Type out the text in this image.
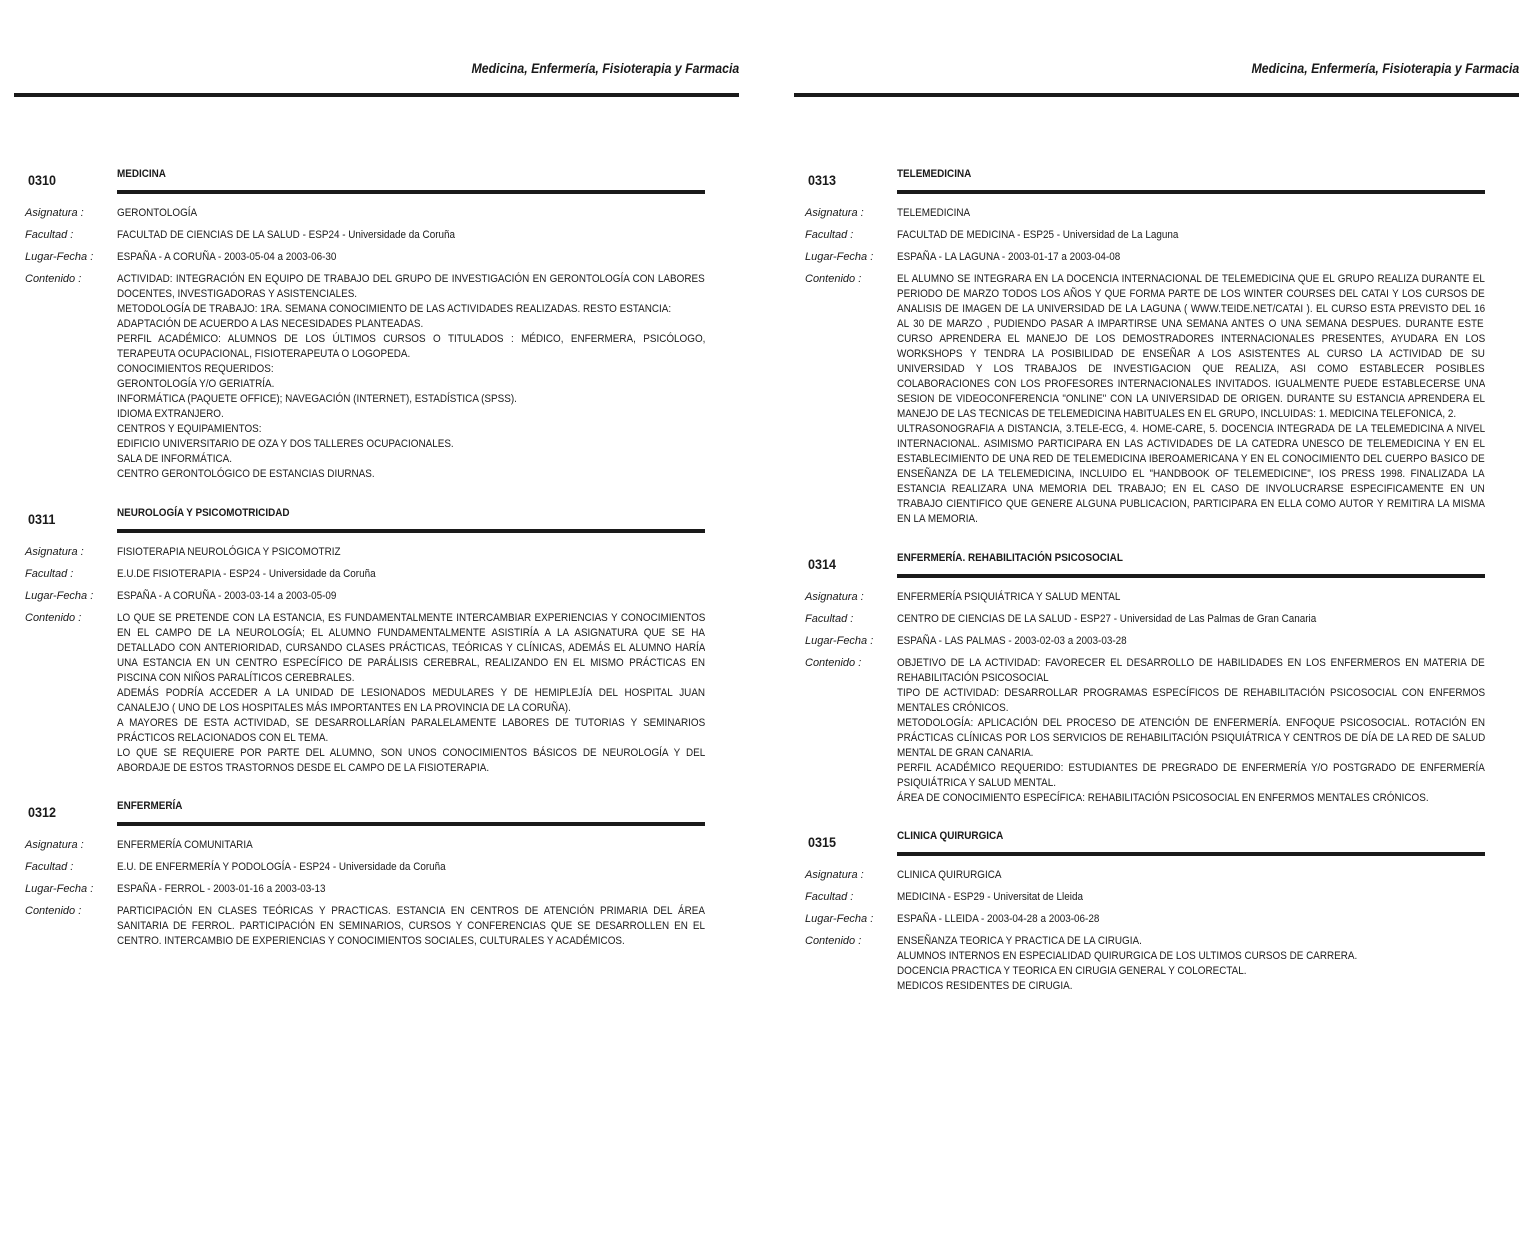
Medicina, Enfermería, Fisioterapia y Farmacia
0310	MEDICINA
Asignatura :	GERONTOLOGÍA
Facultad :	FACULTAD DE CIENCIAS DE LA SALUD - ESP24 - Universidade da Coruña
Lugar-Fecha :	ESPAÑA - A CORUÑA - 2003-05-04 a 2003-06-30
Contenido :	ACTIVIDAD: INTEGRACIÓN EN EQUIPO DE TRABAJO DEL GRUPO DE INVESTIGACIÓN EN GERONTOLOGÍA CON LABORES
DOCENTES, INVESTIGADORAS Y ASISTENCIALES.
METODOLOGÍA DE TRABAJO: 1RA. SEMANA CONOCIMIENTO DE LAS ACTIVIDADES REALIZADAS. RESTO ESTANCIA:
ADAPTACIÓN DE ACUERDO A LAS NECESIDADES PLANTEADAS.
PERFIL ACADÉMICO: ALUMNOS DE LOS ÚLTIMOS CURSOS O TITULADOS : MÉDICO, ENFERMERA, PSICÓLOGO,
TERAPEUTA OCUPACIONAL, FISIOTERAPEUTA O LOGOPEDA.
CONOCIMIENTOS REQUERIDOS:
GERONTOLOGÍA Y/O GERIATRÍA.
INFORMÁTICA (PAQUETE OFFICE); NAVEGACIÓN (INTERNET), ESTADÍSTICA (SPSS).
IDIOMA EXTRANJERO.
CENTROS Y EQUIPAMIENTOS:
EDIFICIO UNIVERSITARIO DE OZA Y DOS TALLERES OCUPACIONALES.
SALA DE INFORMÁTICA.
CENTRO GERONTOLÓGICO DE ESTANCIAS DIURNAS.
0311	NEUROLOGÍA Y PSICOMOTRICIDAD
Asignatura :	FISIOTERAPIA NEUROLÓGICA Y PSICOMOTRIZ
Facultad :	E.U.DE FISIOTERAPIA - ESP24 - Universidade da Coruña
Lugar-Fecha :	ESPAÑA - A CORUÑA - 2003-03-14 a 2003-05-09
Contenido :	LO QUE SE PRETENDE CON LA ESTANCIA, ES FUNDAMENTALMENTE INTERCAMBIAR EXPERIENCIAS Y CONOCIMIENTOS
EN EL CAMPO DE LA NEUROLOGÍA; EL ALUMNO FUNDAMENTALMENTE ASISTIRÍA A LA ASIGNATURA QUE SE HA
DETALLADO CON ANTERIORIDAD, CURSANDO CLASES PRÁCTICAS, TEÓRICAS Y CLÍNICAS, ADEMÁS EL ALUMNO HARÍA
UNA ESTANCIA EN UN CENTRO ESPECÍFICO DE PARÁLISIS CEREBRAL, REALIZANDO EN EL MISMO PRÁCTICAS EN
PISCINA CON NIÑOS PARALÍTICOS CEREBRALES.
ADEMÁS PODRÍA ACCEDER A LA UNIDAD DE LESIONADOS MEDULARES Y DE HEMIPLEJÍA DEL HOSPITAL JUAN
CANALEJO ( UNO DE LOS HOSPITALES MÁS IMPORTANTES EN LA PROVINCIA DE LA CORUÑA).
A MAYORES DE ESTA ACTIVIDAD, SE DESARROLLARÍAN PARALELAMENTE LABORES DE TUTORIAS Y SEMINARIOS
PRÁCTICOS RELACIONADOS CON EL TEMA.
LO QUE SE REQUIERE POR PARTE DEL ALUMNO, SON UNOS CONOCIMIENTOS BÁSICOS DE NEUROLOGÍA Y DEL
ABORDAJE DE ESTOS TRASTORNOS DESDE EL CAMPO DE LA FISIOTERAPIA.
0312	ENFERMERÍA
Asignatura :	ENFERMERÍA COMUNITARIA
Facultad :	E.U. DE ENFERMERÍA Y PODOLOGÍA - ESP24 - Universidade da Coruña
Lugar-Fecha :	ESPAÑA - FERROL - 2003-01-16 a 2003-03-13
Contenido :	PARTICIPACIÓN EN CLASES TEÓRICAS Y PRACTICAS. ESTANCIA EN CENTROS DE ATENCIÓN PRIMARIA DEL ÁREA
SANITARIA DE FERROL. PARTICIPACIÓN EN SEMINARIOS, CURSOS Y CONFERENCIAS QUE SE DESARROLLEN EN EL
CENTRO. INTERCAMBIO DE EXPERIENCIAS Y CONOCIMIENTOS SOCIALES, CULTURALES Y ACADÉMICOS.
Medicina, Enfermería, Fisioterapia y Farmacia
0313	TELEMEDICINA
Asignatura :	TELEMEDICINA
Facultad :	FACULTAD DE MEDICINA - ESP25 - Universidad de La Laguna
Lugar-Fecha :	ESPAÑA - LA LAGUNA - 2003-01-17 a 2003-04-08
Contenido :	EL ALUMNO SE INTEGRARA EN LA DOCENCIA INTERNACIONAL DE TELEMEDICINA QUE EL GRUPO REALIZA DURANTE EL
PERIODO DE MARZO TODOS LOS AÑOS Y QUE FORMA PARTE DE LOS WINTER COURSES DEL CATAI Y LOS CURSOS DE
ANALISIS DE IMAGEN DE LA UNIVERSIDAD DE LA LAGUNA ( WWW.TEIDE.NET/CATAI ). EL CURSO ESTA PREVISTO DEL 16
AL 30 DE MARZO , PUDIENDO PASAR A IMPARTIRSE UNA SEMANA ANTES O UNA SEMANA DESPUES. DURANTE ESTE
CURSO APRENDERA EL MANEJO DE LOS DEMOSTRADORES INTERNACIONALES PRESENTES, AYUDARA EN LOS
WORKSHOPS Y TENDRA LA POSIBILIDAD DE ENSEÑAR A LOS ASISTENTES AL CURSO LA ACTIVIDAD DE SU
UNIVERSIDAD Y LOS TRABAJOS DE INVESTIGACION QUE REALIZA, ASI COMO ESTABLECER POSIBLES
COLABORACIONES CON LOS PROFESORES INTERNACIONALES INVITADOS. IGUALMENTE PUEDE ESTABLECERSE UNA
SESION DE VIDEOCONFERENCIA "ONLINE" CON LA UNIVERSIDAD DE ORIGEN. DURANTE SU ESTANCIA APRENDERA EL
MANEJO DE LAS TECNICAS DE TELEMEDICINA HABITUALES EN EL GRUPO, INCLUIDAS: 1. MEDICINA TELEFONICA, 2.
ULTRASONOGRAFIA A DISTANCIA, 3.TELE-ECG, 4. HOME-CARE, 5. DOCENCIA INTEGRADA DE LA TELEMEDICINA A NIVEL
INTERNACIONAL. ASIMISMO PARTICIPARA EN LAS ACTIVIDADES DE LA CATEDRA UNESCO DE TELEMEDICINA Y EN EL
ESTABLECIMIENTO DE UNA RED DE TELEMEDICINA IBEROAMERICANA Y EN EL CONOCIMIENTO DEL CUERPO BASICO DE
ENSEÑANZA DE LA TELEMEDICINA, INCLUIDO EL "HANDBOOK OF TELEMEDICINE", IOS PRESS 1998. FINALIZADA LA
ESTANCIA REALIZARA UNA MEMORIA DEL TRABAJO; EN EL CASO DE INVOLUCRARSE ESPECIFICAMENTE EN UN
TRABAJO CIENTIFICO QUE GENERE ALGUNA PUBLICACION, PARTICIPARA EN ELLA COMO AUTOR Y REMITIRA LA MISMA
EN LA MEMORIA.
0314	ENFERMERÍA. REHABILITACIÓN PSICOSOCIAL
Asignatura :	ENFERMERÍA PSIQUIÁTRICA Y SALUD MENTAL
Facultad :	CENTRO DE CIENCIAS DE LA SALUD - ESP27 - Universidad de Las Palmas de Gran Canaria
Lugar-Fecha :	ESPAÑA - LAS PALMAS - 2003-02-03 a 2003-03-28
Contenido :	OBJETIVO DE LA ACTIVIDAD: FAVORECER EL DESARROLLO DE HABILIDADES EN LOS ENFERMEROS EN MATERIA DE
REHABILITACIÓN PSICOSOCIAL
TIPO DE ACTIVIDAD: DESARROLLAR PROGRAMAS ESPECÍFICOS DE REHABILITACIÓN PSICOSOCIAL CON ENFERMOS
MENTALES CRÓNICOS.
METODOLOGÍA: APLICACIÓN DEL PROCESO DE ATENCIÓN DE ENFERMERÍA. ENFOQUE PSICOSOCIAL. ROTACIÓN EN
PRÁCTICAS CLÍNICAS POR LOS SERVICIOS DE REHABILITACIÓN PSIQUIÁTRICA Y CENTROS DE DÍA DE LA RED DE SALUD
MENTAL DE GRAN CANARIA.
PERFIL ACADÉMICO REQUERIDO: ESTUDIANTES DE PREGRADO DE ENFERMERÍA Y/O POSTGRADO DE ENFERMERÍA
PSIQUIÁTRICA Y SALUD MENTAL.
ÁREA DE CONOCIMIENTO ESPECÍFICA: REHABILITACIÓN PSICOSOCIAL EN ENFERMOS MENTALES CRÓNICOS.
0315	CLINICA QUIRURGICA
Asignatura :	CLINICA QUIRURGICA
Facultad :	MEDICINA - ESP29 - Universitat de Lleida
Lugar-Fecha :	ESPAÑA - LLEIDA - 2003-04-28 a 2003-06-28
Contenido :	ENSEÑANZA TEORICA Y PRACTICA DE LA CIRUGIA.
ALUMNOS INTERNOS EN ESPECIALIDAD QUIRURGICA DE LOS ULTIMOS CURSOS DE CARRERA.
DOCENCIA PRACTICA Y TEORICA EN CIRUGIA GENERAL Y COLORECTAL.
MEDICOS RESIDENTES DE CIRUGIA.
